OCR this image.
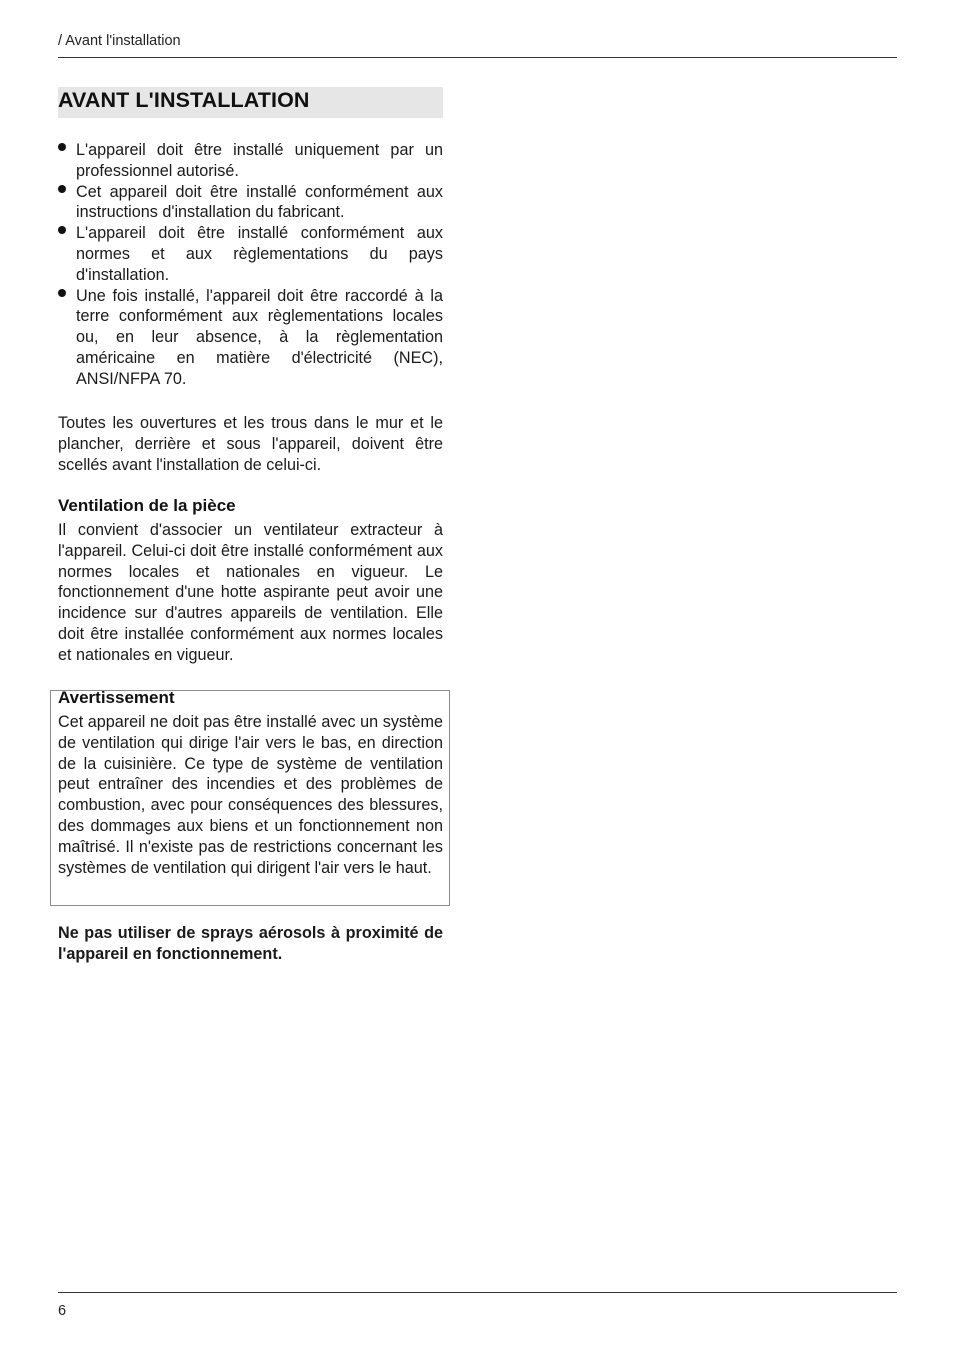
/ Avant l'installation
AVANT L'INSTALLATION
L'appareil doit être installé uniquement par un professionnel autorisé.
Cet appareil doit être installé conformément aux instructions d'installation du fabricant.
L'appareil doit être installé conformément aux normes et aux règlementations du pays d'installation.
Une fois installé, l'appareil doit être raccordé à la terre conformément aux règlementations locales ou, en leur absence, à la règlementation américaine en matière d'électricité (NEC), ANSI/NFPA 70.

Toutes les ouvertures et les trous dans le mur et le plancher, derrière et sous l'appareil, doivent être scellés avant l'installation de celui-ci.

Ventilation de la pièce

Il convient d'associer un ventilateur extracteur à l'appareil. Celui-ci doit être installé conformément aux normes locales et nationales en vigueur. Le fonctionnement d'une hotte aspirante peut avoir une incidence sur d'autres appareils de ventilation. Elle doit être installée conformément aux normes locales et nationales en vigueur.

Avertissement

Cet appareil ne doit pas être installé avec un système de ventilation qui dirige l'air vers le bas, en direction de la cuisinière. Ce type de système de ventilation peut entraîner des incendies et des problèmes de combustion, avec pour conséquences des blessures, des dommages aux biens et un fonctionnement non maîtrisé. Il n'existe pas de restrictions concernant les systèmes de ventilation qui dirigent l'air vers le haut.

Ne pas utiliser de sprays aérosols à proximité de l'appareil en fonctionnement.

6
